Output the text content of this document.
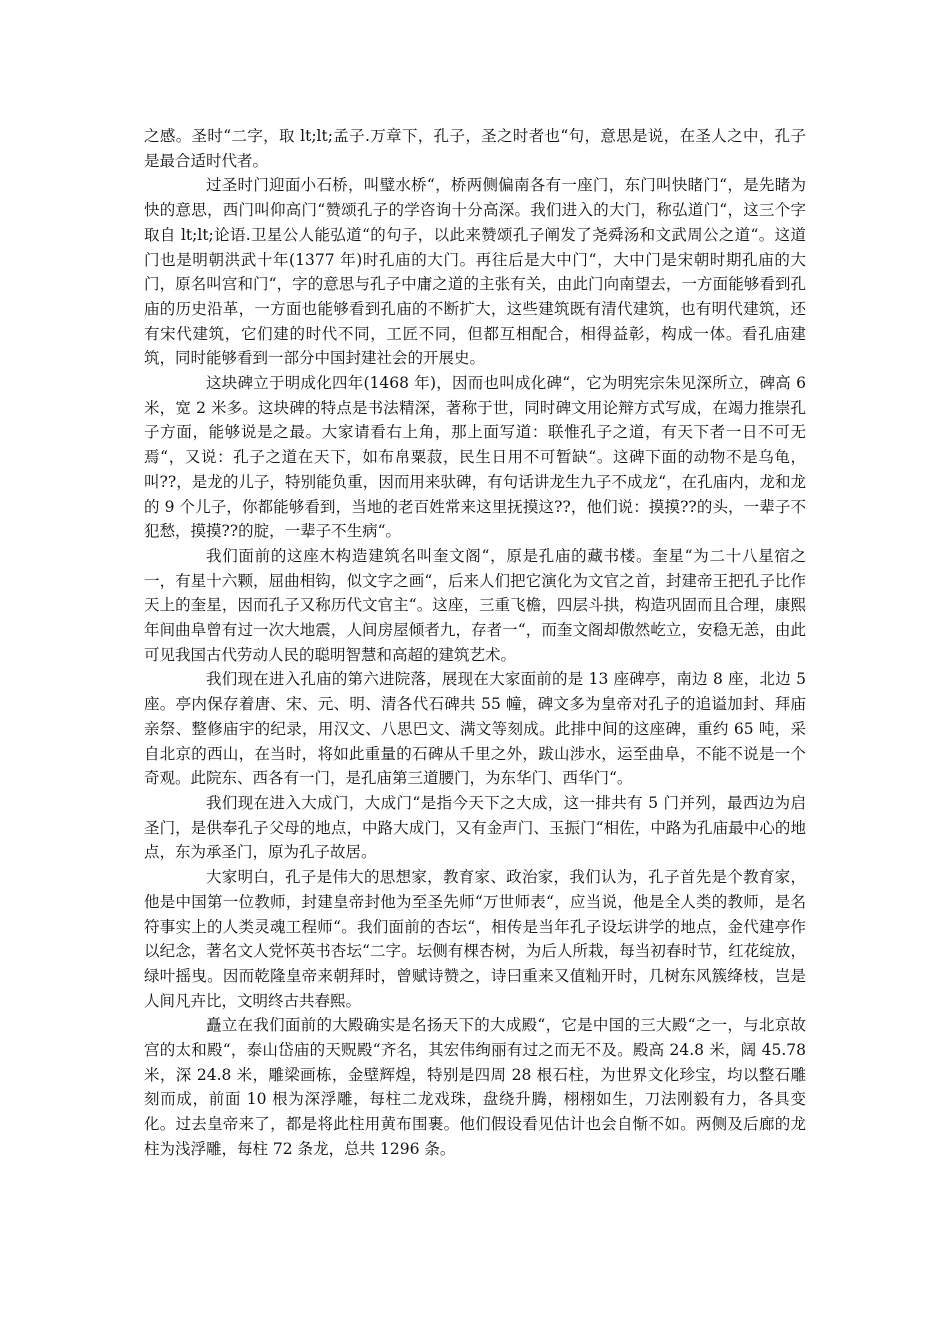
之感。圣时“二字，取 lt;lt;孟子.万章下，孔子，圣之时者也“句，意思是说，在圣人之中，孔子是最合适时代者。

过圣时门迎面小石桥，叫璧水桥“，桥两侧偏南各有一座门，东门叫快睹门“，是先睹为快的意思，西门叫仰高门“赞颂孔子的学咨询十分高深。我们进入的大门，称弘道门“，这三个字取自 lt;lt;论语.卫星公人能弘道“的句子，以此来赞颂孔子阐发了尧舜汤和文武周公之道“。这道门也是明朝洪武十年(1377 年)时孔庙的大门。再往后是大中门“，大中门是宋朝时期孔庙的大门，原名叫宫和门“，字的意思与孔子中庸之道的主张有关，由此门向南望去，一方面能够看到孔庙的历史沿革，一方面也能够看到孔庙的不断扩大，这些建筑既有清代建筑，也有明代建筑，还有宋代建筑，它们建的时代不同，工匠不同，但都互相配合，相得益彰，构成一体。看孔庙建筑，同时能够看到一部分中国封建社会的开展史。

这块碑立于明成化四年(1468 年)，因而也叫成化碑“，它为明宪宗朱见深所立，碑高 6 米，宽 2 米多。这块碑的特点是书法精深，著称于世，同时碑文用论辩方式写成，在竭力推崇孔子方面，能够说是之最。大家请看右上角，那上面写道：联惟孔子之道，有天下者一日不可无焉“，又说：孔子之道在天下，如布帛粟菽，民生日用不可暂缺“。这碑下面的动物不是乌龟，叫??，是龙的儿子，特别能负重，因而用来驮碑，有句话讲龙生九子不成龙“，在孔庙内，龙和龙的 9 个儿子，你都能够看到，当地的老百姓常来这里抚摸这??，他们说：摸摸??的头，一辈子不犯愁，摸摸??的腚，一辈子不生病“。

我们面前的这座木构造建筑名叫奎文阁“，原是孔庙的藏书楼。奎星“为二十八星宿之一，有星十六颗，屈曲相钩，似文字之画“，后来人们把它演化为文官之首，封建帝王把孔子比作天上的奎星，因而孔子又称历代文官主“。这座，三重飞檐，四层斗拱，构造巩固而且合理，康熙年间曲阜曾有过一次大地震，人间房屋倾者九，存者一“，而奎文阁却傲然屹立，安稳无恙，由此可见我国古代劳动人民的聪明智慧和高超的建筑艺术。

我们现在进入孔庙的第六进院落，展现在大家面前的是 13 座碑亭，南边 8 座，北边 5 座。亭内保存着唐、宋、元、明、清各代石碑共 55 幢，碑文多为皇帝对孔子的追谥加封、拜庙亲祭、整修庙宇的纪录，用汉文、八思巴文、满文等刻成。此排中间的这座碑，重约 65 吨，采自北京的西山，在当时，将如此重量的石碑从千里之外，跋山涉水，运至曲阜，不能不说是一个奇观。此院东、西各有一门，是孔庙第三道腰门，为东华门、西华门“。

我们现在进入大成门，大成门“是指今天下之大成，这一排共有 5 门并列，最西边为启圣门，是供奉孔子父母的地点，中路大成门，又有金声门、玉振门“相佐，中路为孔庙最中心的地点，东为承圣门，原为孔子故居。

大家明白，孔子是伟大的思想家，教育家、政治家，我们认为，孔子首先是个教育家，他是中国第一位教师，封建皇帝封他为至圣先师“万世师表“，应当说，他是全人类的教师，是名符事实上的人类灵魂工程师“。我们面前的杏坛“，相传是当年孔子设坛讲学的地点，金代建亭作以纪念，著名文人党怀英书杏坛“二字。坛侧有棵杏树，为后人所栽，每当初春时节，红花绽放，绿叶摇曳。因而乾隆皇帝来朝拜时，曾赋诗赞之，诗曰重来又值籼开时，几树东风簇绛枝，岂是人间凡卉比，文明终古共春熙。

矗立在我们面前的大殿确实是名扬天下的大成殿“，它是中国的三大殿“之一，与北京故宫的太和殿“，泰山岱庙的天贶殿“齐名，其宏伟绚丽有过之而无不及。殿高 24.8 米，阔 45.78 米，深 24.8 米，雕梁画栋，金壁辉煌，特别是四周 28 根石柱，为世界文化珍宝，均以整石雕刻而成，前面 10 根为深浮雕，每柱二龙戏珠，盘绕升腾，栩栩如生，刀法刚毅有力，各具变化。过去皇帝来了，都是将此柱用黄布围裹。他们假设看见估计也会自惭不如。两侧及后廊的龙柱为浅浮雕，每柱 72 条龙，总共 1296 条。
